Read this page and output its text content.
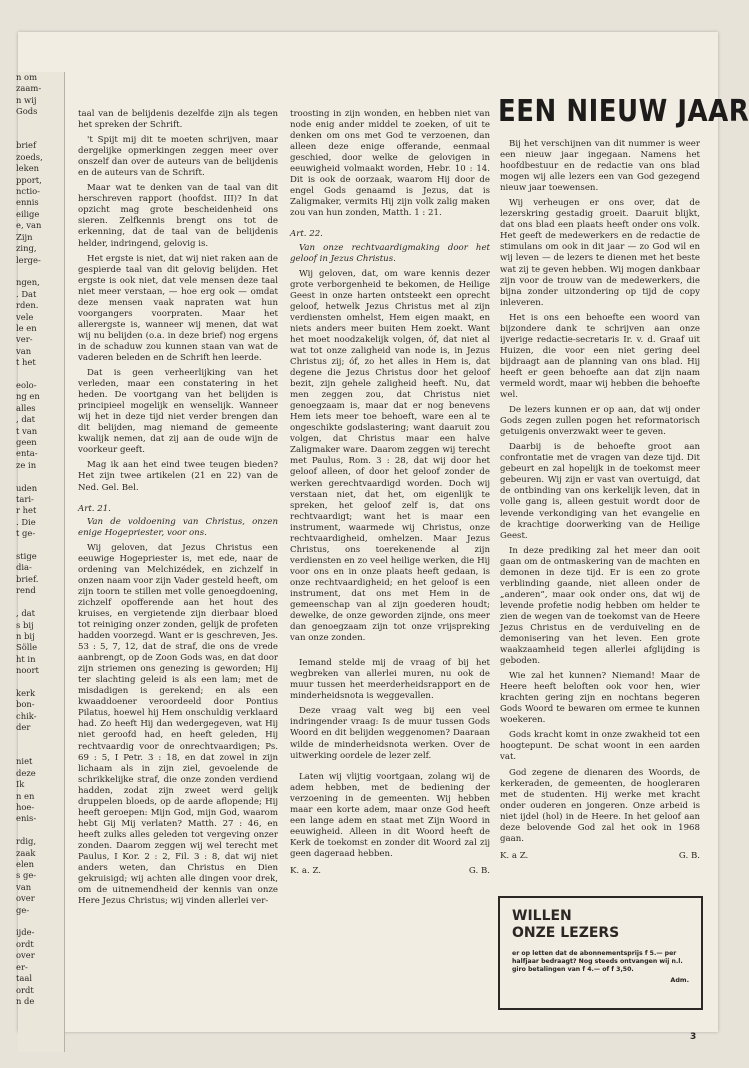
n om
zaam-
n wij
Gods

brief
zoeds,
leken
pport,
nctio-
ennis
eilige
e, van
Zijn
zing,
lerge-

ngen,
. Dat
rden.
vele
le en
ver-
van
t het

eolo-
ng en
alles
, dat
t van
geen
enta-
ze in

uden
tari-
r het
. Die
t ge-

stige
dia-
brief.
rend

, dat
s bij
n bij
Sölle
ht in
noort

kerk
bon-
chik-
der

niet
deze
Ik
n en
hoe-
enis-

rdig,
zaak
elen
s ge-
van
over
ge-

ijde-
ordt
over
er-
taal
ordt
n de

taal van de belijdenis dezelfde zijn als tegen het spreken der Schrift.

't Spijt mij dit te moeten schrijven, maar dergelijke opmerkingen zeggen meer over onszelf dan over de auteurs van de belijdenis en de auteurs van de Schrift.

Maar wat te denken van de taal van dit herschreven rapport (hoofdst. III)? In dat opzicht mag grote bescheidenheid ons sieren. Zelfkennis brengt ons tot de erkenning, dat de taal van de belijdenis helder, indringend, gelovig is.

Het ergste is niet, dat wij niet raken aan de gespierde taal van dit gelovig belijden. Het ergste is ook niet, dat vele mensen deze taal niet meer verstaan, — hoe erg ook — omdat deze mensen vaak napraten wat hun voorgangers voorpraten. Maar het allerergste is, wanneer wij menen, dat wat wij nu belijden (o.a. in deze brief) nog ergens in de schaduw zou kunnen staan van wat de vaderen beleden en de Schrift hen leerde.

Dat is geen verheerlijking van het verleden, maar een constatering in het heden. De voortgang van het belijden is principieel mogelijk en wenselijk. Wanneer wij het in deze tijd niet verder brengen dan dit belijden, mag niemand de gemeente kwalijk nemen, dat zij aan de oude wijn de voorkeur geeft.

Mag ik aan het eind twee teugen bieden? Het zijn twee artikelen (21 en 22) van de Ned. Gel. Bel.

Art. 21.

Van de voldoening van Christus, onzen enige Hogepriester, voor ons.

Wij geloven, dat Jezus Christus een eeuwige Hogepriester is, met ede, naar de ordening van Melchizédek, en zichzelf in onzen naam voor zijn Vader gesteld heeft, om zijn toorn te stillen met volle genoegdoening, zichzelf opofferende aan het hout des kruises, en vergietende zijn dierbaar bloed tot reiniging onzer zonden, gelijk de profeten hadden voorzegd. Want er is geschreven, Jes. 53 : 5, 7, 12, dat de straf, die ons de vrede aanbrengt, op de Zoon Gods was, en dat door zijn striemen ons genezing is geworden; Hij ter slachting geleid is als een lam; met de misdadigen is gerekend; en als een kwaaddoener veroordeeld door Pontius Pilatus, hoewel hij Hem onschuldig verklaard had. Zo heeft Hij dan wedergegeven, wat Hij niet geroofd had, en heeft geleden, Hij rechtvaardig voor de onrechtvaardigen; Ps. 69 : 5, I Petr. 3 : 18, en dat zowel in zijn lichaam als in zijn ziel, gevoelende de schrikkelijke straf, die onze zonden verdiend hadden, zodat zijn zweet werd gelijk druppelen bloeds, op de aarde aflopende; Hij heeft geroepen: Mijn God, mijn God, waarom hebt Gij Mij verlaten? Matth. 27 : 46, en heeft zulks alles geleden tot vergeving onzer zonden. Daarom zeggen wij wel terecht met Paulus, I Kor. 2 : 2, Fil. 3 : 8, dat wij niet anders weten, dan Christus en Dien gekruisigd; wij achten alle dingen voor drek, om de uitnemendheid der kennis van onze Here Jezus Christus; wij vinden allerlei ver-

troosting in zijn wonden, en hebben niet van node enig ander middel te zoeken, of uit te denken om ons met God te verzoenen, dan alleen deze enige offerande, eenmaal geschied, door welke de gelovigen in eeuwigheid volmaakt worden, Hebr. 10 : 14. Dit is ook de oorzaak, waarom Hij door de engel Gods genaamd is Jezus, dat is Zaligmaker, vermits Hij zijn volk zalig maken zou van hun zonden, Matth. 1 : 21.

Art. 22.

Van onze rechtvaardigmaking door het geloof in Jezus Christus.

Wij geloven, dat, om ware kennis dezer grote verborgenheid te bekomen, de Heilige Geest in onze harten ontsteekt een oprecht geloof, hetwelk Jezus Christus met al zijn verdiensten omhelst, Hem eigen maakt, en niets anders meer buiten Hem zoekt. Want het moet noodzakelijk volgen, óf, dat niet al wat tot onze zaligheid van node is, in Jezus Christus zij; óf, zo het alles in Hem is, dat degene die Jezus Christus door het geloof bezit, zijn gehele zaligheid heeft. Nu, dat men zeggen zou, dat Christus niet genoegzaam is, maar dat er nog benevens Hem iets meer toe behoeft, ware een al te ongeschikte godslastering; want daaruit zou volgen, dat Christus maar een halve Zaligmaker ware. Daarom zeggen wij terecht met Paulus, Rom. 3 : 28, dat wij door het geloof alleen, of door het geloof zonder de werken gerechtvaardigd worden. Doch wij verstaan niet, dat het, om eigenlijk te spreken, het geloof zelf is, dat ons rechtvaardigt; want het is maar een instrument, waarmede wij Christus, onze rechtvaardigheid, omhelzen. Maar Jezus Christus, ons toerekenende al zijn verdiensten en zo veel heilige werken, die Hij voor ons en in onze plaats heeft gedaan, is onze rechtvaardigheid; en het geloof is een instrument, dat ons met Hem in de gemeenschap van al zijn goederen houdt; dewelke, de onze geworden zijnde, ons meer dan genoegzaam zijn tot onze vrijspreking van onze zonden.

Iemand stelde mij de vraag of bij het wegbreken van allerlei muren, nu ook de muur tussen het meerderheidsrapport en de minderheidsnota is weggevallen.

Deze vraag valt weg bij een veel indringender vraag: Is de muur tussen Gods Woord en dit belijden weggenomen? Daaraan wilde de minderheidsnota werken. Over de uitwerking oordele de lezer zelf.

Laten wij vlijtig voortgaan, zolang wij de adem hebben, met de bediening der verzoening in de gemeenten. Wij hebben maar een korte adem, maar onze God heeft een lange adem en staat met Zijn Woord in eeuwigheid. Alleen in dit Woord heeft de Kerk de toekomst en zonder dit Woord zal zij geen dageraad hebben.

K. a. Z.	G. B.
EEN NIEUW JAAR

Bij het verschijnen van dit nummer is weer een nieuw jaar ingegaan. Namens het hoofdbestuur en de redactie van ons blad mogen wij alle lezers een van God gezegend nieuw jaar toewensen.

Wij verheugen er ons over, dat de lezerskring gestadig groeit. Daaruit blijkt, dat ons blad een plaats heeft onder ons volk. Het geeft de medewerkers en de redactie de stimulans om ook in dit jaar — zo God wil en wij leven — de lezers te dienen met het beste wat zij te geven hebben. Wij mogen dankbaar zijn voor de trouw van de medewerkers, die bijna zonder uitzondering op tijd de copy inleveren.

Het is ons een behoefte een woord van bijzondere dank te schrijven aan onze ijverige redactie-secretaris Ir. v. d. Graaf uit Huizen, die voor een niet gering deel bijdraagt aan de planning van ons blad. Hij heeft er geen behoefte aan dat zijn naam vermeld wordt, maar wij hebben die behoefte wel.

De lezers kunnen er op aan, dat wij onder Gods zegen zullen pogen het reformatorisch getuigenis onverzwakt weer te geven.

Daarbij is de behoefte groot aan confrontatie met de vragen van deze tijd. Dit gebeurt en zal hopelijk in de toekomst meer gebeuren. Wij zijn er vast van overtuigd, dat de ontbinding van ons kerkelijk leven, dat in volle gang is, alleen gestuit wordt door de levende verkondiging van het evangelie en de krachtige doorwerking van de Heilige Geest.

In deze prediking zal het meer dan ooit gaan om de ontmaskering van de machten en demonen in deze tijd. Er is een zo grote verblinding gaande, niet alleen onder de „anderen”, maar ook onder ons, dat wij de levende profetie nodig hebben om helder te zien de wegen van de toekomst van de Heere Jezus Christus en de verduiveling en de demonisering van het leven. Een grote waakzaamheid tegen allerlei afglijding is geboden.

Wie zal het kunnen? Niemand! Maar de Heere heeft beloften ook voor hen, wier krachten gering zijn en nochtans begeren Gods Woord te bewaren om ermee te kunnen woekeren.

Gods kracht komt in onze zwakheid tot een hoogtepunt. De schat woont in een aarden vat.

God zegene de dienaren des Woords, de kerkeraden, de gemeenten, de hoogleraren met de studenten. Hij werke met kracht onder ouderen en jongeren. Onze arbeid is niet ijdel (hol) in de Heere. In het geloof aan deze belovende God zal het ook in 1968 gaan.

K. a Z.	G. B.
WILLEN
ONZE LEZERS
er op letten dat de abonnementsprijs f 5.— per halfjaar bedraagt? Nog steeds ontvangen wij n.l. giro betalingen van f 4.— of f 3,50.
Adm.
3
